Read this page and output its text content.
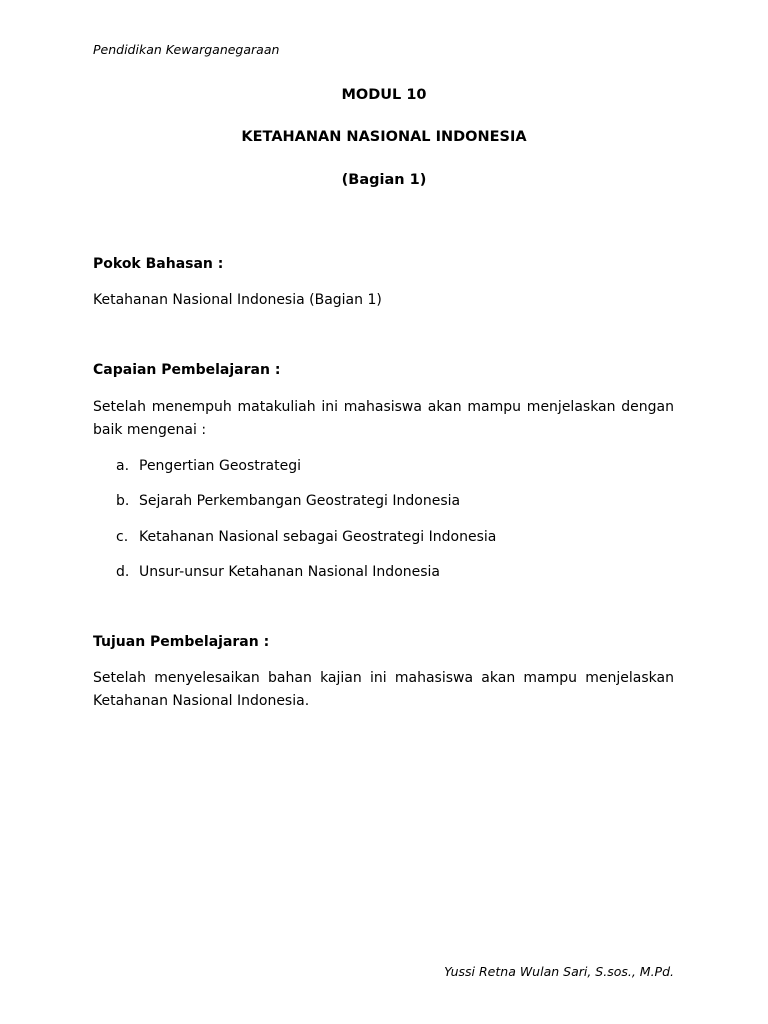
Pendidikan Kewarganegaraan
MODUL 10
KETAHANAN NASIONAL INDONESIA
(Bagian 1)
Pokok Bahasan :
Ketahanan Nasional Indonesia (Bagian 1)
Capaian Pembelajaran :
Setelah menempuh matakuliah ini mahasiswa akan mampu menjelaskan dengan baik mengenai :
a. Pengertian Geostrategi
b. Sejarah Perkembangan Geostrategi Indonesia
c. Ketahanan Nasional sebagai Geostrategi Indonesia
d. Unsur-unsur Ketahanan Nasional Indonesia
Tujuan Pembelajaran :
Setelah menyelesaikan bahan kajian ini mahasiswa akan mampu menjelaskan Ketahanan Nasional Indonesia.
Yussi Retna Wulan Sari, S.sos., M.Pd.
